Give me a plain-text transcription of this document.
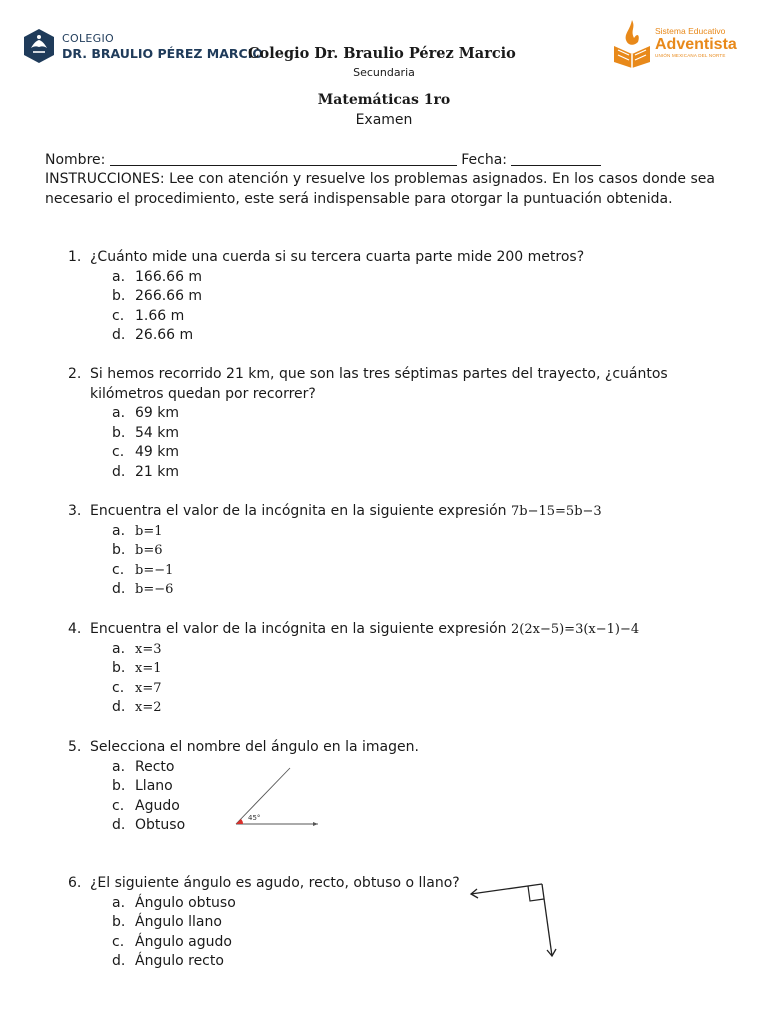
COLEGIO
DR. BRAULIO PÉREZ MARCIO
Colegio Dr. Braulio Pérez Marcio
Secundaria
Sistema Educativo
Adventista
UNIÓN MEXICANA DEL NORTE
Matemáticas 1ro
Examen
Nombre:	Fecha:
INSTRUCCIONES: Lee con atención y resuelve los problemas asignados. En los casos donde sea necesario el procedimiento, este será indispensable para otorgar la puntuación obtenida.
1. ¿Cuánto mide una cuerda si su tercera cuarta parte mide 200 metros?
a. 166.66 m
b. 266.66 m
c. 1.66 m
d. 26.66 m
2. Si hemos recorrido 21 km, que son las tres séptimas partes del trayecto, ¿cuántos kilómetros quedan por recorrer?
a. 69 km
b. 54 km
c. 49 km
d. 21 km
3. Encuentra el valor de la incógnita en la siguiente expresión 7b−15=5b−3
a. b=1
b. b=6
c. b=−1
d. b=−6
4. Encuentra el valor de la incógnita en la siguiente expresión 2(2x−5)=3(x−1)−4
a. x=3
b. x=1
c. x=7
d. x=2
5. Selecciona el nombre del ángulo en la imagen.
a. Recto
b. Llano
c. Agudo
d. Obtuso	45°
6. ¿El siguiente ángulo es agudo, recto, obtuso o llano?
a. Ángulo obtuso
b. Ángulo llano
c. Ángulo agudo
d. Ángulo recto
